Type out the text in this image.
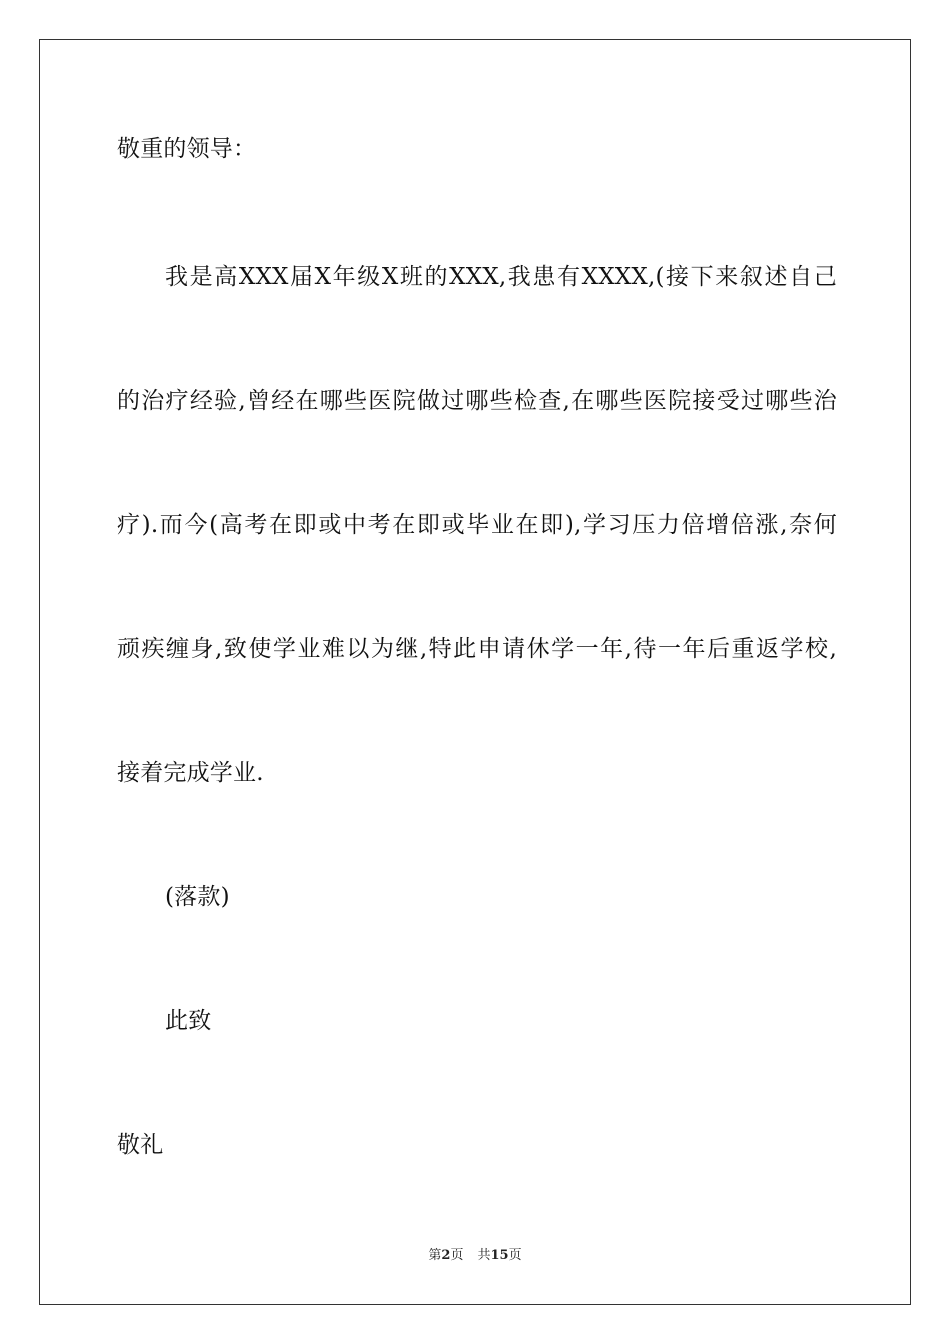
敬重的领导：
我是高XXX届X年级X班的XXX,我患有XXXX,(接下来叙述自己
的治疗经验,曾经在哪些医院做过哪些检查,在哪些医院接受过哪些治
疗).而今(高考在即或中考在即或毕业在即),学习压力倍增倍涨,奈何
顽疾缠身,致使学业难以为继,特此申请休学一年,待一年后重返学校,
接着完成学业.
(落款)
此致
敬礼
第2页 共15页
